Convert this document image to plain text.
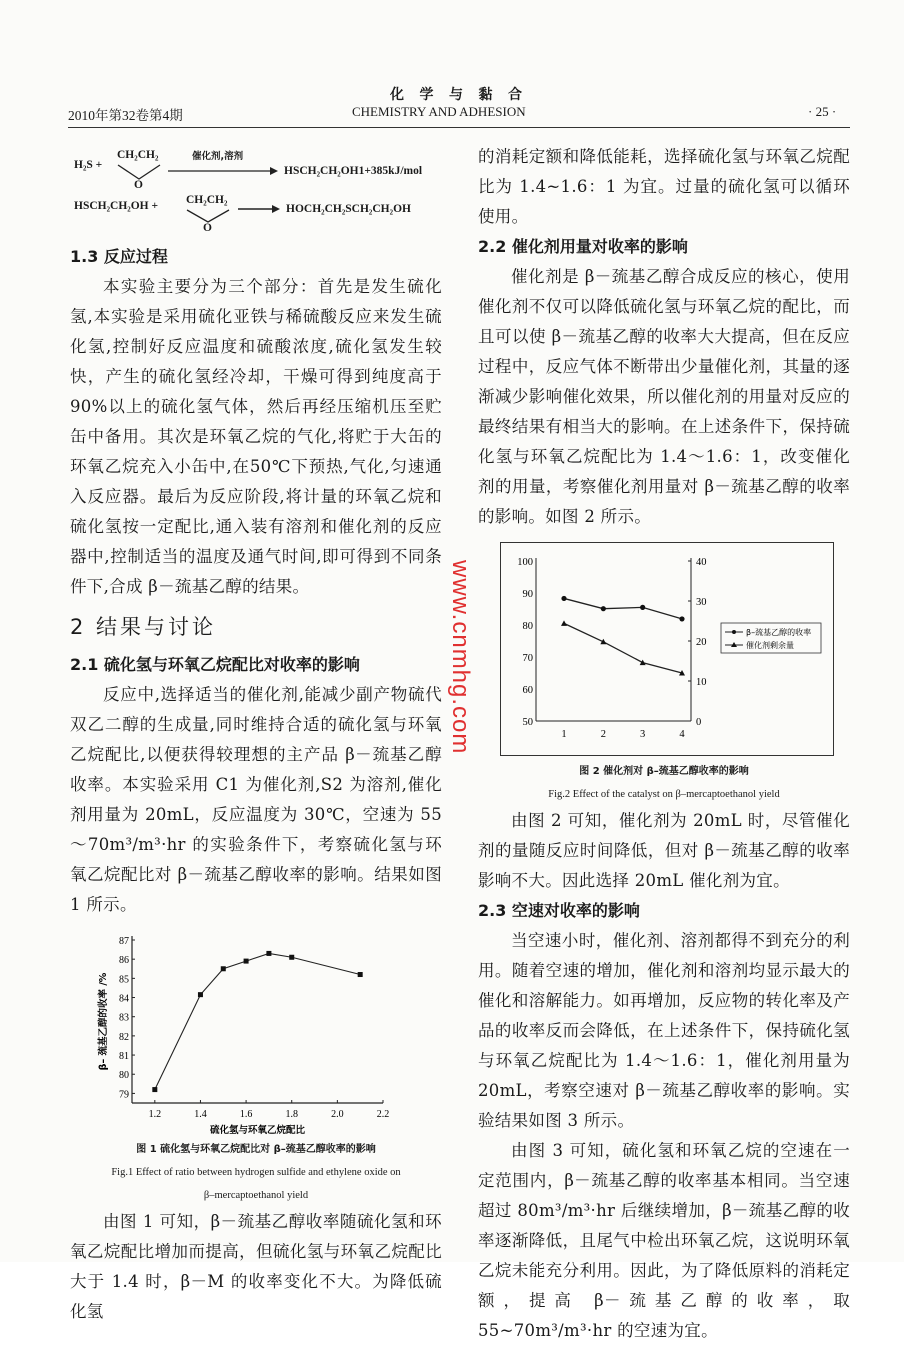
2010年第32卷第4期
化 学 与 黏 合
CHEMISTRY AND ADHESION	· 25 ·
H₂S +
CH₂CH₂
O
催化剂,溶剂
HSCH₂CH₂OH1+385kJ/mol
HSCH₂CH₂OH + CH₂CH₂
O
HOCH₂CH₂SCH₂CH₂OH
1.3 反应过程

本实验主要分为三个部分：首先是发生硫化氢,本实验是采用硫化亚铁与稀硫酸反应来发生硫化氢,控制好反应温度和硫酸浓度,硫化氢发生较快，产生的硫化氢经冷却，干燥可得到纯度高于90%以上的硫化氢气体，然后再经压缩机压至贮缶中备用。其次是环氧乙烷的气化,将贮于大缶的环氧乙烷充入小缶中,在50℃下预热,气化,匀速通入反应器。最后为反应阶段,将计量的环氧乙烷和硫化氢按一定配比,通入装有溶剂和催化剂的反应器中,控制适当的温度及通气时间,即可得到不同条件下,合成 β－巯基乙醇的结果。

2 结果与讨论
2.1 硫化氢与环氧乙烷配比对收率的影响

反应中,选择适当的催化剂,能减少副产物硫代双乙二醇的生成量,同时维持合适的硫化氢与环氧乙烷配比,以便获得较理想的主产品 β－巯基乙醇收率。本实验采用 C1 为催化剂,S2 为溶剂,催化剂用量为 20mL，反应温度为 30℃，空速为 55～70m³/m³·hr 的实验条件下，考察硫化氢与环氧乙烷配比对 β－巯基乙醇收率的影响。结果如图 1 所示。

79
80
81
82
83
84
85
86
87
1.2	1.4	1.6	1.8	2.0	2.2
硫化氢与环氧乙烷配比
β– 巯基乙醇的收率 /%
图 1 硫化氢与环氧乙烷配比对 β–巯基乙醇收率的影响
Fig.1 Effect of ratio between hydrogen sulfide and ethylene oxide on
β–mercaptoethanol yield

由图 1 可知，β－巯基乙醇收率随硫化氢和环氧乙烷配比增加而提高，但硫化氢与环氧乙烷配比大于 1.4 时，β－M 的收率变化不大。为降低硫化氢

的消耗定额和降低能耗，选择硫化氢与环氧乙烷配比为 1.4~1.6：1 为宜。过量的硫化氢可以循环使用。

2.2 催化剂用量对收率的影响

催化剂是 β－巯基乙醇合成反应的核心，使用催化剂不仅可以降低硫化氢与环氧乙烷的配比，而且可以使 β－巯基乙醇的收率大大提高，但在反应过程中，反应气体不断带出少量催化剂，其量的逐渐减少影响催化效果，所以催化剂的用量对反应的最终结果有相当大的影响。在上述条件下，保持硫化氢与环氧乙烷配比为 1.4～1.6：1，改变催化剂的用量，考察催化剂用量对 β－巯基乙醇的收率的影响。如图 2 所示。

50
60
70
80
90
100
0
10
20
30
40
1	2	3	4
β–巯基乙醇的收率
催化剂剩余量
图 2 催化剂对 β–巯基乙醇收率的影响
Fig.2 Effect of the catalyst on β–mercaptoethanol yield

由图 2 可知，催化剂为 20mL 时，尽管催化剂的量随反应时间降低，但对 β－巯基乙醇的收率影响不大。因此选择 20mL 催化剂为宜。

2.3 空速对收率的影响

当空速小时，催化剂、溶剂都得不到充分的利用。随着空速的增加，催化剂和溶剂均显示最大的催化和溶解能力。如再增加，反应物的转化率及产品的收率反而会降低，在上述条件下，保持硫化氢与环氧乙烷配比为 1.4～1.6：1，催化剂用量为 20mL，考察空速对 β－巯基乙醇收率的影响。实验结果如图 3 所示。

由图 3 可知，硫化氢和环氧乙烷的空速在一定范围内，β－巯基乙醇的收率基本相同。当空速超过 80m³/m³·hr 后继续增加，β－巯基乙醇的收率逐渐降低，且尾气中检出环氧乙烷，这说明环氧乙烷未能充分利用。因此，为了降低原料的消耗定额，提高 β－巯基乙醇的收率，取 55~70m³/m³·hr 的空速为宜。

www.cnmhg.com
